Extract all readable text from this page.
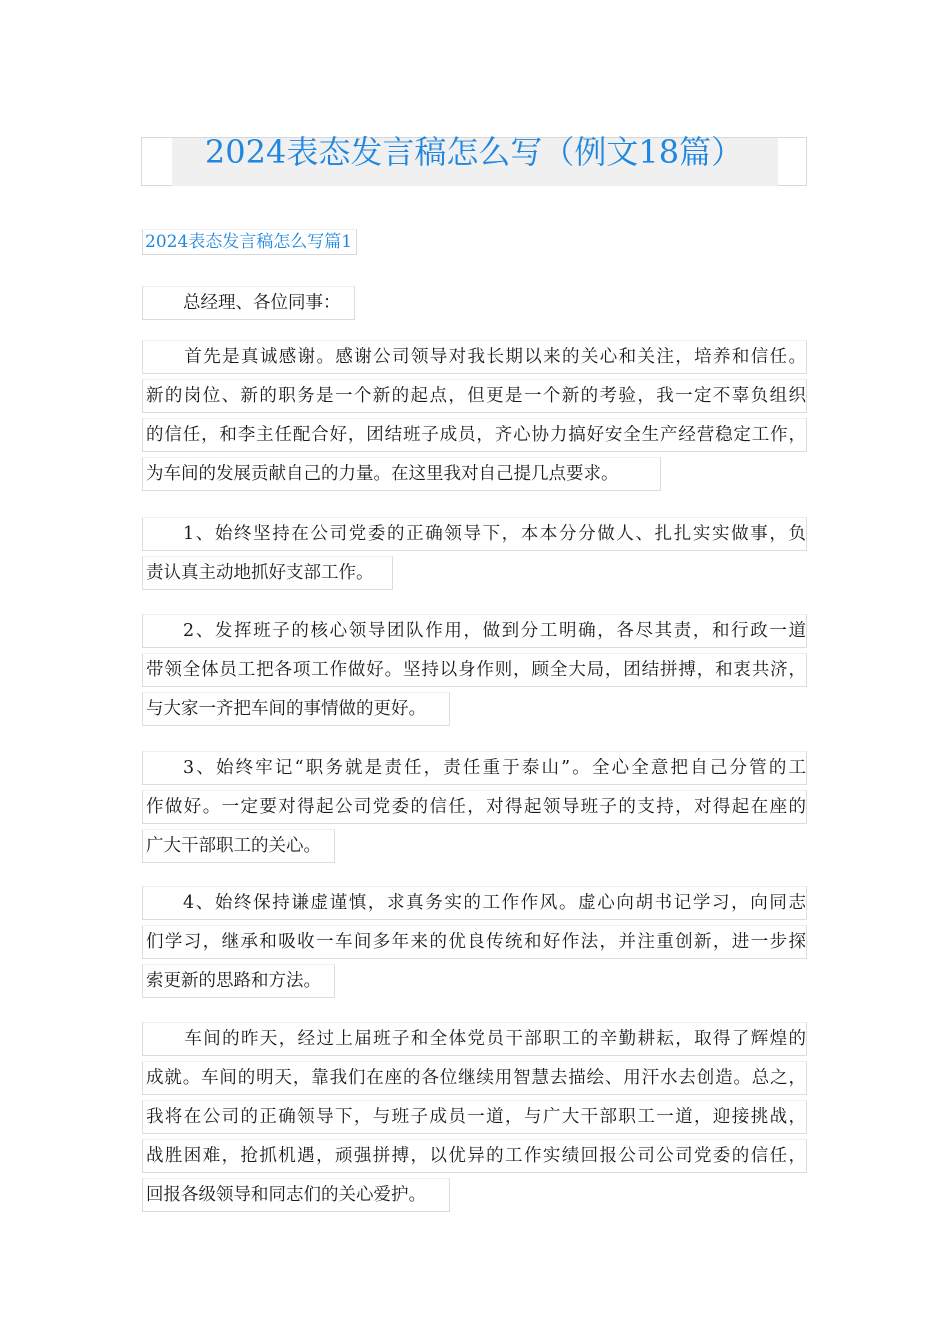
2024表态发言稿怎么写（例文18篇）
2024表态发言稿怎么写篇1
总经理、各位同事：
首先是真诚感谢。感谢公司领导对我长期以来的关心和关注，培养和信任。
新的岗位、新的职务是一个新的起点，但更是一个新的考验，我一定不辜负组织
的信任，和李主任配合好，团结班子成员，齐心协力搞好安全生产经营稳定工作，
为车间的发展贡献自己的力量。在这里我对自己提几点要求。
1、始终坚持在公司党委的正确领导下，本本分分做人、扎扎实实做事，负
责认真主动地抓好支部工作。
2、发挥班子的核心领导团队作用，做到分工明确，各尽其责，和行政一道
带领全体员工把各项工作做好。坚持以身作则，顾全大局，团结拼搏，和衷共济，
与大家一齐把车间的事情做的更好。
3、始终牢记“职务就是责任，责任重于泰山”。全心全意把自己分管的工
作做好。一定要对得起公司党委的信任，对得起领导班子的支持，对得起在座的
广大干部职工的关心。
4、始终保持谦虚谨慎，求真务实的工作作风。虚心向胡书记学习，向同志
们学习，继承和吸收一车间多年来的优良传统和好作法，并注重创新，进一步探
索更新的思路和方法。
车间的昨天，经过上届班子和全体党员干部职工的辛勤耕耘，取得了辉煌的
成就。车间的明天，靠我们在座的各位继续用智慧去描绘、用汗水去创造。总之，
我将在公司的正确领导下，与班子成员一道，与广大干部职工一道，迎接挑战，
战胜困难，抢抓机遇，顽强拼搏，以优异的工作实绩回报公司公司党委的信任，
回报各级领导和同志们的关心爱护。
